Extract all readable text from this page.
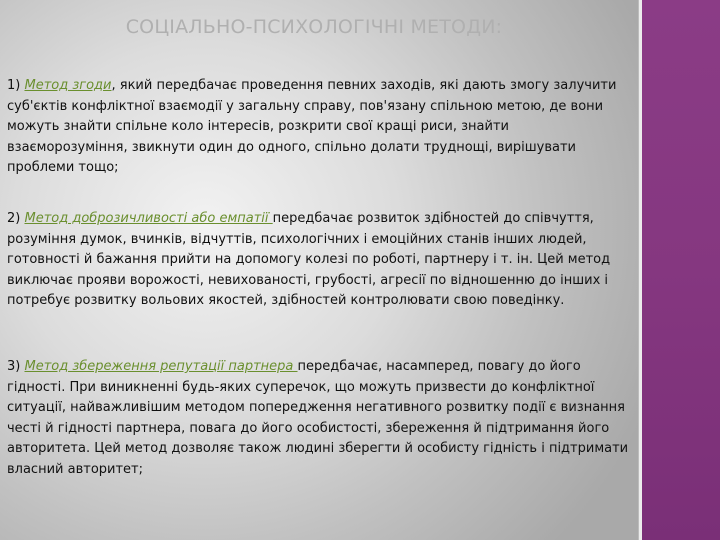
СОЦІАЛЬНО-ПСИХОЛОГІЧНІ МЕТОДИ:

1) Метод згоди, який передбачає проведення певних заходів, які дають змогу залучити суб'єктів конфліктної взаємодії у загальну справу, пов'язану спільною метою, де вони можуть знайти спільне коло інтересів, розкрити свої кращі риси, знайти взаєморозуміння, звикнути один до одного, спільно долати труднощі, вирішувати проблеми тощо;

2) Метод доброзичливості або емпатії передбачає розвиток здібностей до співчуття, розуміння думок, вчинків, відчуттів, психологічних і емоційних станів інших людей, готовності й бажання прийти на допомогу колезі по роботі, партнеру і т. ін. Цей метод виключає прояви ворожості, невихованості, грубості, агресії по відношенню до інших і потребує розвитку вольових якостей, здібностей контролювати свою поведінку.

3) Метод збереження репутації партнера передбачає, насамперед, повагу до його гідності. При виникненні будь-яких суперечок, що можуть призвести до конфліктної ситуації, найважливішим методом попередження негативного розвитку події є визнання честі й гідності партнера, повага до його особистості, збереження й підтримання його авторитета. Цей метод дозволяє також людині зберегти й особисту гідність і підтримати власний авторитет;
